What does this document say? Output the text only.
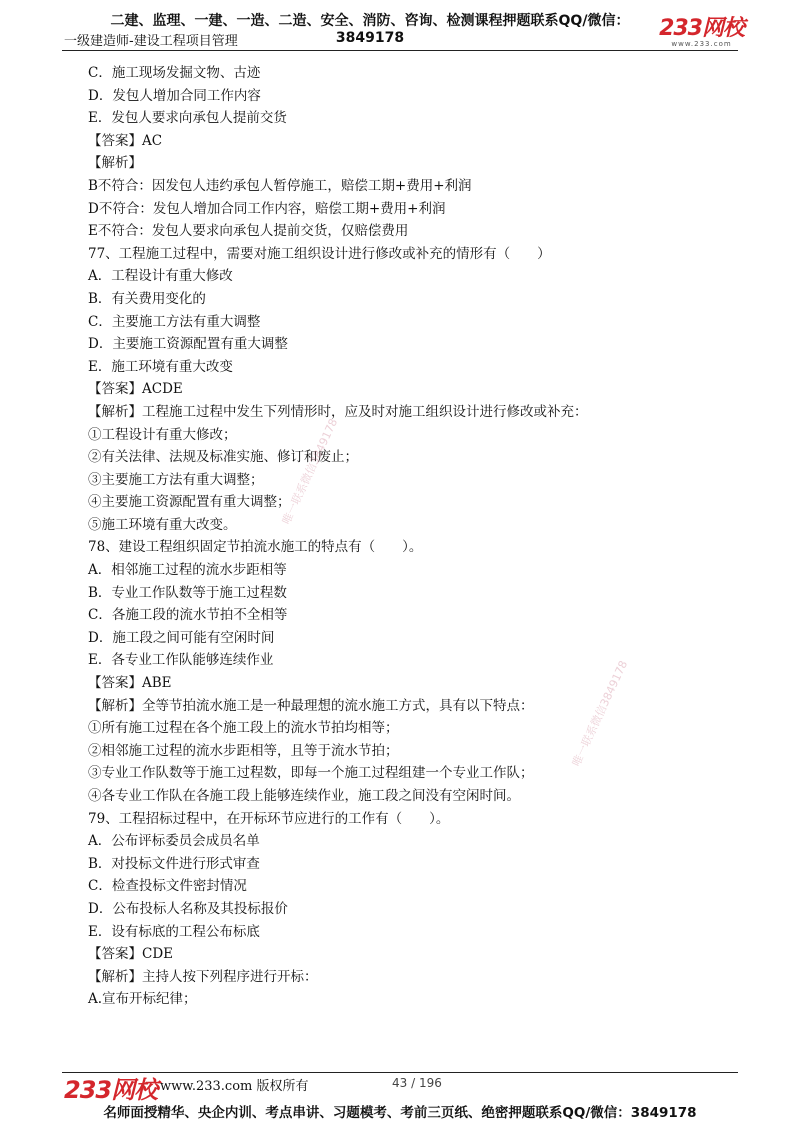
二建、监理、一建、一造、二造、安全、消防、咨询、检测课程押题联系QQ/微信：3849178
一级建造师-建设工程项目管理
233网校
www.233.com

C．施工现场发掘文物、古迹

D．发包人增加合同工作内容

E．发包人要求向承包人提前交货

【答案】AC

【解析】

B不符合：因发包人违约承包人暂停施工，赔偿工期+费用+利润

D不符合：发包人增加合同工作内容，赔偿工期+费用+利润

E不符合：发包人要求向承包人提前交货，仅赔偿费用

77、工程施工过程中，需要对施工组织设计进行修改或补充的情形有（　　）

A．工程设计有重大修改

B．有关费用变化的

C．主要施工方法有重大调整

D．主要施工资源配置有重大调整

E．施工环境有重大改变

【答案】ACDE

【解析】工程施工过程中发生下列情形时，应及时对施工组织设计进行修改或补充：

①工程设计有重大修改；

②有关法律、法规及标准实施、修订和废止；

③主要施工方法有重大调整；

④主要施工资源配置有重大调整；

⑤施工环境有重大改变。

78、建设工程组织固定节拍流水施工的特点有（　　）。

A．相邻施工过程的流水步距相等

B．专业工作队数等于施工过程数

C．各施工段的流水节拍不全相等

D．施工段之间可能有空闲时间

E．各专业工作队能够连续作业

【答案】ABE

【解析】全等节拍流水施工是一种最理想的流水施工方式，具有以下特点：

①所有施工过程在各个施工段上的流水节拍均相等；

②相邻施工过程的流水步距相等，且等于流水节拍；

③专业工作队数等于施工过程数，即每一个施工过程组建一个专业工作队；

④各专业工作队在各施工段上能够连续作业，施工段之间没有空闲时间。

79、工程招标过程中，在开标环节应进行的工作有（　　）。

A．公布评标委员会成员名单

B．对投标文件进行形式审查

C．检查投标文件密封情况

D．公布投标人名称及其投标报价

E．设有标底的工程公布标底

【答案】CDE

【解析】主持人按下列程序进行开标：

A.宣布开标纪律；

唯一联系微信3849178
唯一联系微信3849178
233网校 www.233.com 版权所有	43 / 196
名师面授精华、央企内训、考点串讲、习题模考、考前三页纸、绝密押题联系QQ/微信：3849178
